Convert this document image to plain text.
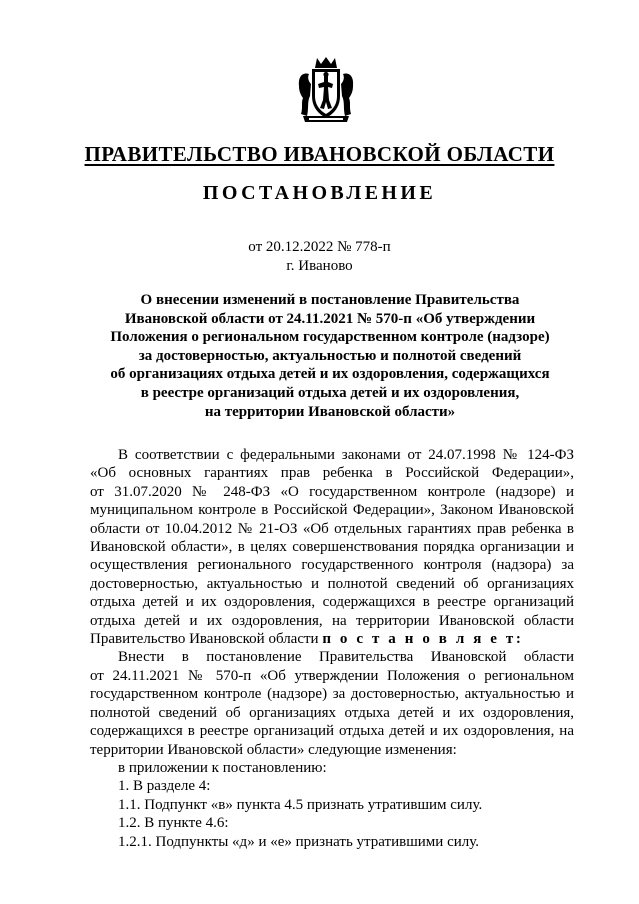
ПРАВИТЕЛЬСТВО ИВАНОВСКОЙ ОБЛАСТИ
ПОСТАНОВЛЕНИЕ
от 20.12.2022 № 778-п
г. Иваново
О внесении изменений в постановление Правительства
Ивановской области от 24.11.2021 № 570-п «Об утверждении
Положения о региональном государственном контроле (надзоре)
за достоверностью, актуальностью и полнотой сведений
об организациях отдыха детей и их оздоровления, содержащихся
в реестре организаций отдыха детей и их оздоровления,
на территории Ивановской области»
В соответствии с федеральными законами от 24.07.1998 № 124-ФЗ
«Об основных гарантиях прав ребенка в Российской Федерации»,
от 31.07.2020 № 248-ФЗ «О государственном контроле (надзоре) и
муниципальном контроле в Российской Федерации», Законом Ивановской
области от 10.04.2012 № 21-ОЗ «Об отдельных гарантиях прав ребенка в
Ивановской области», в целях совершенствования порядка организации и
осуществления регионального государственного контроля (надзора) за
достоверностью, актуальностью и полнотой сведений об организациях
отдыха детей и их оздоровления, содержащихся в реестре организаций
отдыха детей и их оздоровления, на территории Ивановской области
Правительство Ивановской области п о с т а н о в л я е т:
Внести в постановление Правительства Ивановской области
от 24.11.2021 № 570-п «Об утверждении Положения о региональном
государственном контроле (надзоре) за достоверностью, актуальностью и
полнотой сведений об организациях отдыха детей и их оздоровления,
содержащихся в реестре организаций отдыха детей и их оздоровления, на
территории Ивановской области» следующие изменения:
в приложении к постановлению:
1. В разделе 4:
1.1. Подпункт «в» пункта 4.5 признать утратившим силу.
1.2. В пункте 4.6:
1.2.1. Подпункты «д» и «е» признать утратившими силу.
